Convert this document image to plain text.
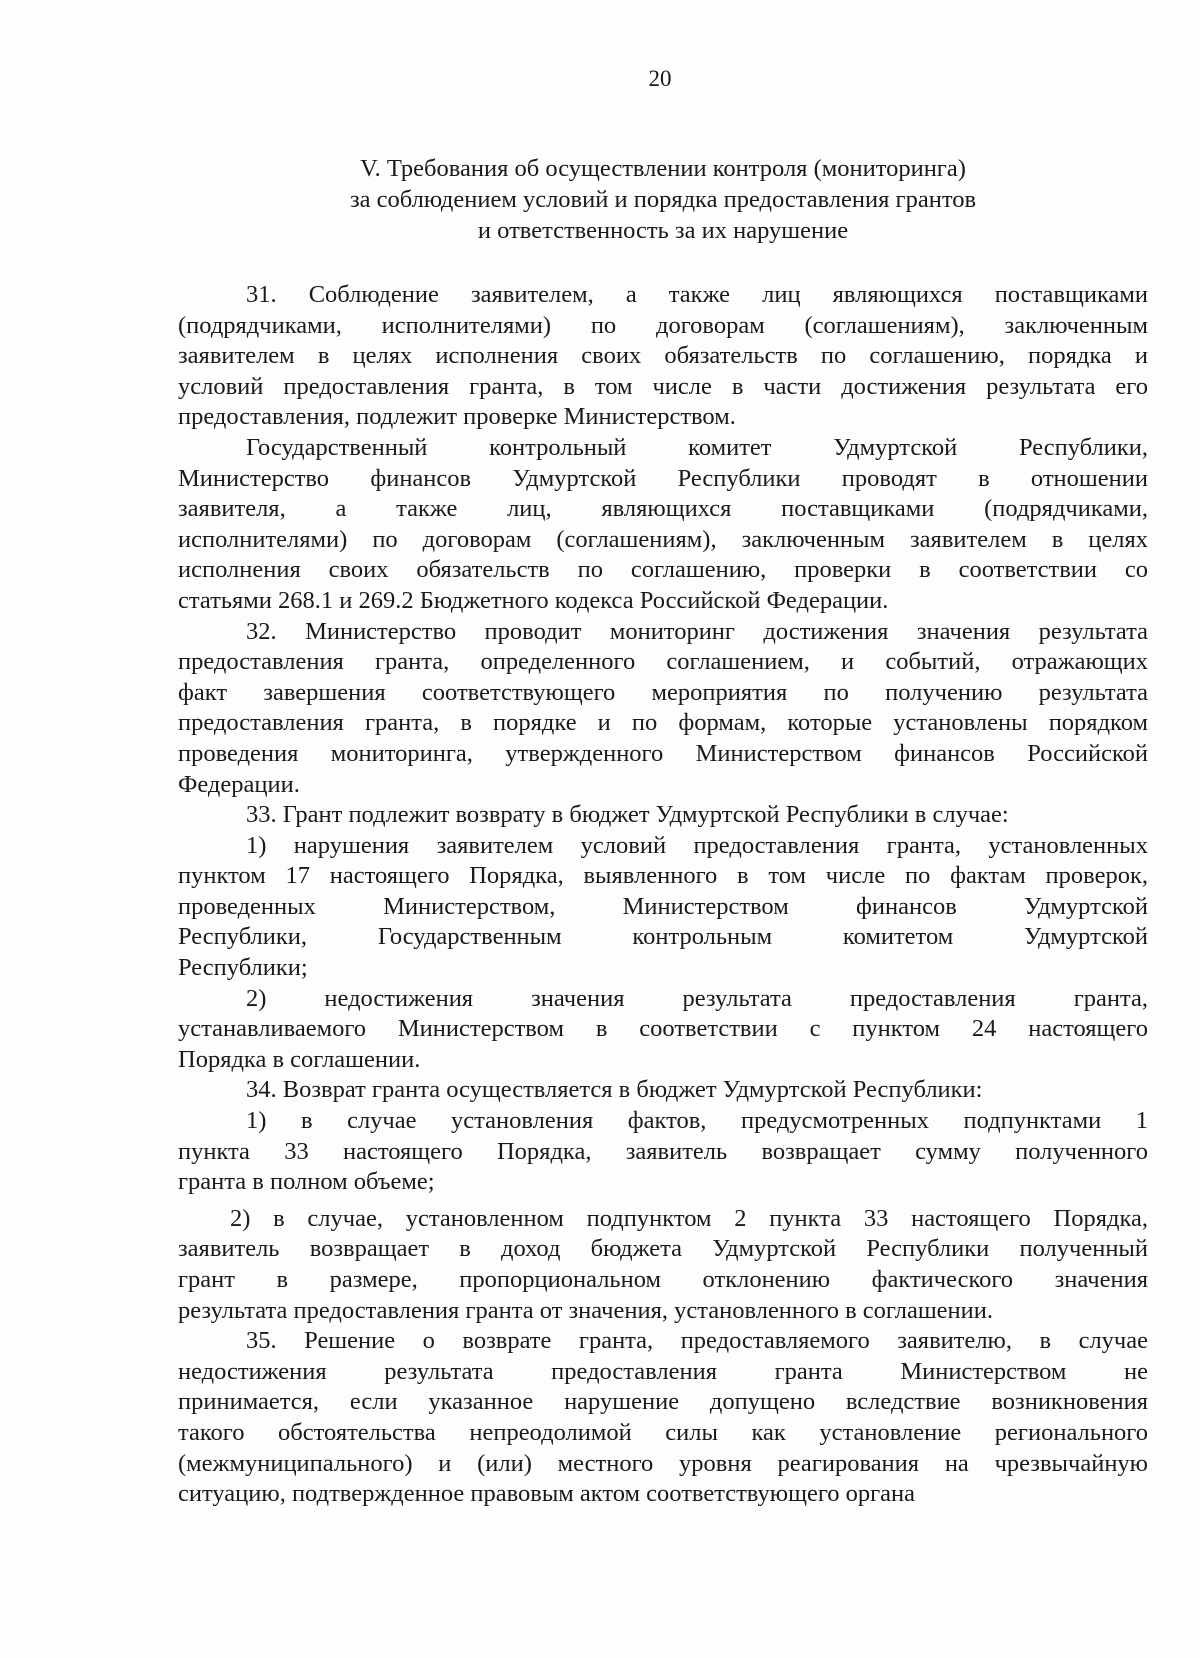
20
V. Требования об осуществлении контроля (мониторинга)
за соблюдением условий и порядка предоставления грантов
и ответственность за их нарушение
31. Соблюдение заявителем, а также лиц являющихся поставщиками
(подрядчиками, исполнителями) по договорам (соглашениям), заключенным
заявителем в целях исполнения своих обязательств по соглашению, порядка и
условий предоставления гранта, в том числе в части достижения результата его
предоставления, подлежит проверке Министерством.
Государственный контрольный комитет Удмуртской Республики,
Министерство финансов Удмуртской Республики проводят в отношении
заявителя, а также лиц, являющихся поставщиками (подрядчиками,
исполнителями) по договорам (соглашениям), заключенным заявителем в целях
исполнения своих обязательств по соглашению, проверки в соответствии со
статьями 268.1 и 269.2 Бюджетного кодекса Российской Федерации.
32. Министерство проводит мониторинг достижения значения результата
предоставления гранта, определенного соглашением, и событий, отражающих
факт завершения соответствующего мероприятия по получению результата
предоставления гранта, в порядке и по формам, которые установлены порядком
проведения мониторинга, утвержденного Министерством финансов Российской
Федерации.
33. Грант подлежит возврату в бюджет Удмуртской Республики в случае:
1) нарушения заявителем условий предоставления гранта, установленных
пунктом 17 настоящего Порядка, выявленного в том числе по фактам проверок,
проведенных Министерством, Министерством финансов Удмуртской
Республики, Государственным контрольным комитетом Удмуртской
Республики;
2) недостижения значения результата предоставления гранта,
устанавливаемого Министерством в соответствии с пунктом 24 настоящего
Порядка в соглашении.
34. Возврат гранта осуществляется в бюджет Удмуртской Республики:
1) в случае установления фактов, предусмотренных подпунктами 1
пункта 33 настоящего Порядка, заявитель возвращает сумму полученного
гранта в полном объеме;
2) в случае, установленном подпунктом 2 пункта 33 настоящего Порядка,
заявитель возвращает в доход бюджета Удмуртской Республики полученный
грант в размере, пропорциональном отклонению фактического значения
результата предоставления гранта от значения, установленного в соглашении.
35. Решение о возврате гранта, предоставляемого заявителю, в случае
недостижения результата предоставления гранта Министерством не
принимается, если указанное нарушение допущено вследствие возникновения
такого обстоятельства непреодолимой силы как установление регионального
(межмуниципального) и (или) местного уровня реагирования на чрезвычайную
ситуацию, подтвержденное правовым актом соответствующего органа
